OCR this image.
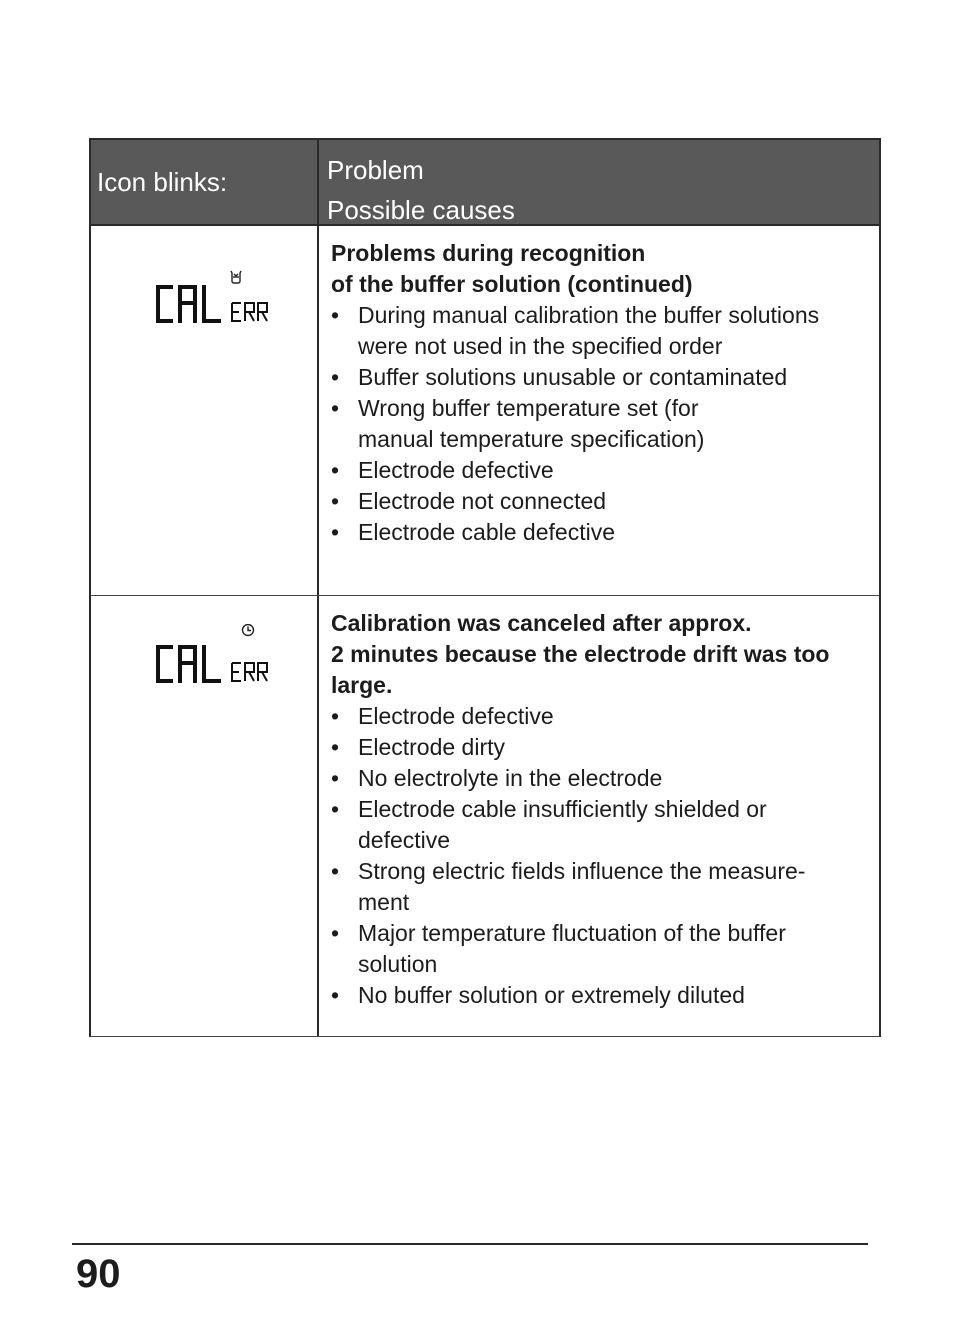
Icon blinks:	Problem
Possible causes
Problems during recognition
of the buffer solution (continued)
• During manual calibration the buffer solutions were not used in the specified order
• Buffer solutions unusable or contaminated
• Wrong buffer temperature set (for manual temperature specification)
• Electrode defective
• Electrode not connected
• Electrode cable defective
Calibration was canceled after approx.
2 minutes because the electrode drift was too
large.
• Electrode defective
• Electrode dirty
• No electrolyte in the electrode
• Electrode cable insufficiently shielded or defective
• Strong electric fields influence the measure-ment
• Major temperature fluctuation of the buffer solution
• No buffer solution or extremely diluted
90
